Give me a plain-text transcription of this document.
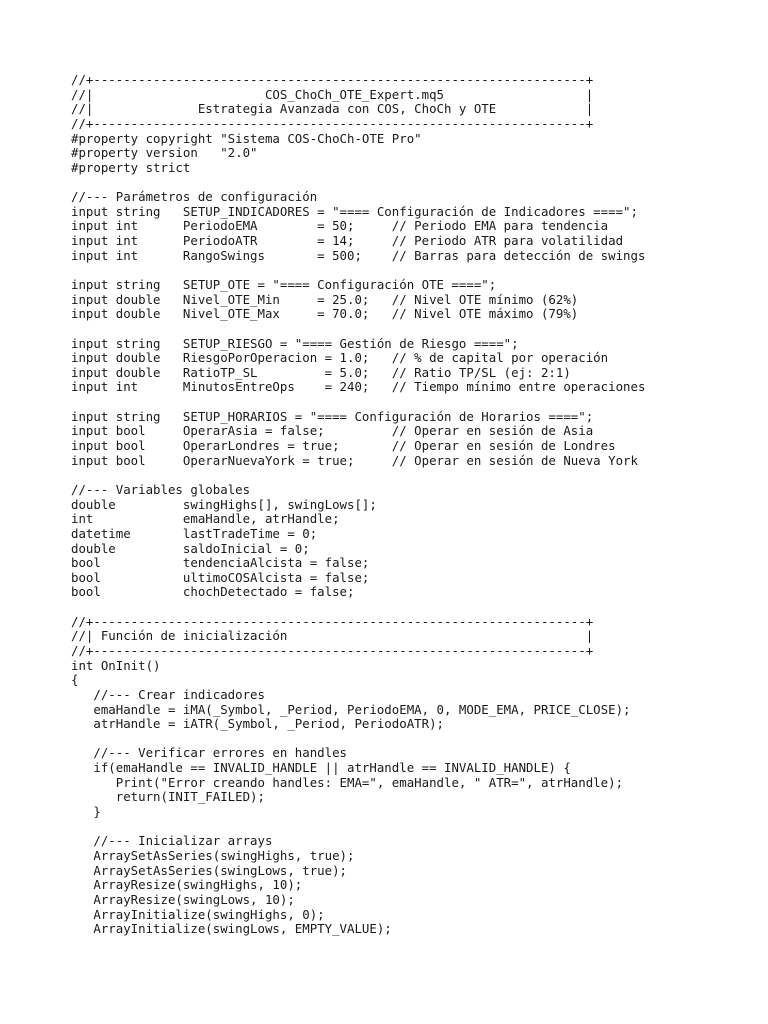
//+------------------------------------------------------------------+
//|                       COS_ChoCh_OTE_Expert.mq5                   |
//|              Estrategia Avanzada con COS, ChoCh y OTE            |
//+------------------------------------------------------------------+
#property copyright "Sistema COS-ChoCh-OTE Pro"
#property version   "2.0"
#property strict
//--- Parámetros de configuración
input string   SETUP_INDICADORES = "==== Configuración de Indicadores ====";
input int      PeriodoEMA        = 50;     // Periodo EMA para tendencia
input int      PeriodoATR        = 14;     // Periodo ATR para volatilidad
input int      RangoSwings       = 500;    // Barras para detección de swings
input string   SETUP_OTE = "==== Configuración OTE ====";
input double   Nivel_OTE_Min     = 25.0;   // Nivel OTE mínimo (62%)
input double   Nivel_OTE_Max     = 70.0;   // Nivel OTE máximo (79%)
input string   SETUP_RIESGO = "==== Gestión de Riesgo ====";
input double   RiesgoPorOperacion = 1.0;   // % de capital por operación
input double   RatioTP_SL         = 5.0;   // Ratio TP/SL (ej: 2:1)
input int      MinutosEntreOps    = 240;   // Tiempo mínimo entre operaciones
input string   SETUP_HORARIOS = "==== Configuración de Horarios ====";
input bool     OperarAsia = false;         // Operar en sesión de Asia
input bool     OperarLondres = true;       // Operar en sesión de Londres
input bool     OperarNuevaYork = true;     // Operar en sesión de Nueva York
//--- Variables globales
double         swingHighs[], swingLows[];
int            emaHandle, atrHandle;
datetime       lastTradeTime = 0;
double         saldoInicial = 0;
bool           tendenciaAlcista = false;
bool           ultimoCOSAlcista = false;
bool           chochDetectado = false;
//+------------------------------------------------------------------+
//| Función de inicialización                                        |
//+------------------------------------------------------------------+
int OnInit()
{
//--- Crear indicadores
emaHandle = iMA(_Symbol, _Period, PeriodoEMA, 0, MODE_EMA, PRICE_CLOSE);
atrHandle = iATR(_Symbol, _Period, PeriodoATR);
//--- Verificar errores en handles
if(emaHandle == INVALID_HANDLE || atrHandle == INVALID_HANDLE) {
Print("Error creando handles: EMA=", emaHandle, " ATR=", atrHandle);
return(INIT_FAILED);
}
//--- Inicializar arrays
ArraySetAsSeries(swingHighs, true);
ArraySetAsSeries(swingLows, true);
ArrayResize(swingHighs, 10);
ArrayResize(swingLows, 10);
ArrayInitialize(swingHighs, 0);
ArrayInitialize(swingLows, EMPTY_VALUE);
